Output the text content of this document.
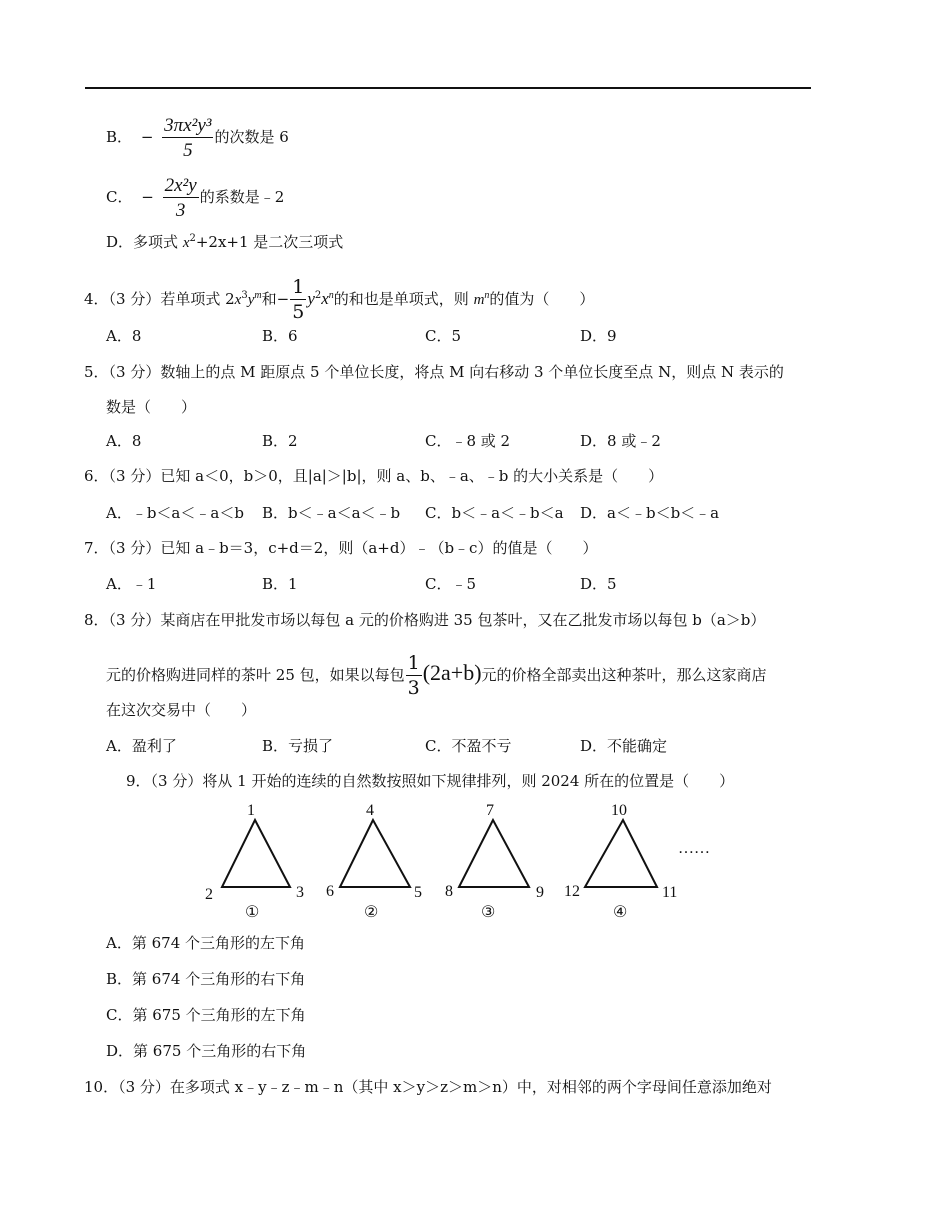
B． − $\frac{\text{3πx²y³}}{5}$ 的次数是 6
C． − $\frac{\text{2x²y}}{3}$ 的系数是﹣2
D．多项式 $x^2+2x+1$ 是二次三项式
4．（3 分）若单项式 $2x^3y^m$和− $\frac{1}{5} y^2x^n$的和也是单项式，则 $m^n$的值为（　　）
A．8	B．6	C．5	D．9
5．（3 分）数轴上的点 M 距原点 5 个单位长度，将点 M 向右移动 3 个单位长度至点 N，则点 N 表示的
数是（　　）
A．8	B．2	C．﹣8 或 2	D．8 或﹣2
6．（3 分）已知 a＜0，b＞0，且|a|＞|b|，则 a、b、﹣a、﹣b 的大小关系是（　　）
A．﹣b＜a＜﹣a＜b B．b＜﹣a＜a＜﹣b C．b＜﹣a＜﹣b＜a D．a＜﹣b＜b＜﹣a
7．（3 分）已知 a﹣b＝3，c+d＝2，则（a+d）﹣（b﹣c）的值是（　　）
A．﹣1	B．1	C．﹣5	D．5
8．（3 分）某商店在甲批发市场以每包 a 元的价格购进 35 包茶叶，又在乙批发市场以每包 b（a＞b）
元的价格购进同样的茶叶 25 包，如果以每包 $\frac{1}{3} (2a+b)$元的价格全部卖出这种茶叶，那么这家商店
在这次交易中（　　）
A．盈利了	B．亏损了	C．不盈不亏	D．不能确定
9．（3 分）将从 1 开始的连续的自然数按照如下规律排列，则 2024 所在的位置是（　　）
1
2	3
①
4
6	5
②
7
8	9
③
10
12	11
④
……
A．第 674 个三角形的左下角
B．第 674 个三角形的右下角
C．第 675 个三角形的左下角
D．第 675 个三角形的右下角
10．（3 分）在多项式 x﹣y﹣z﹣m﹣n（其中 x＞y＞z＞m＞n）中，对相邻的两个字母间任意添加绝对
